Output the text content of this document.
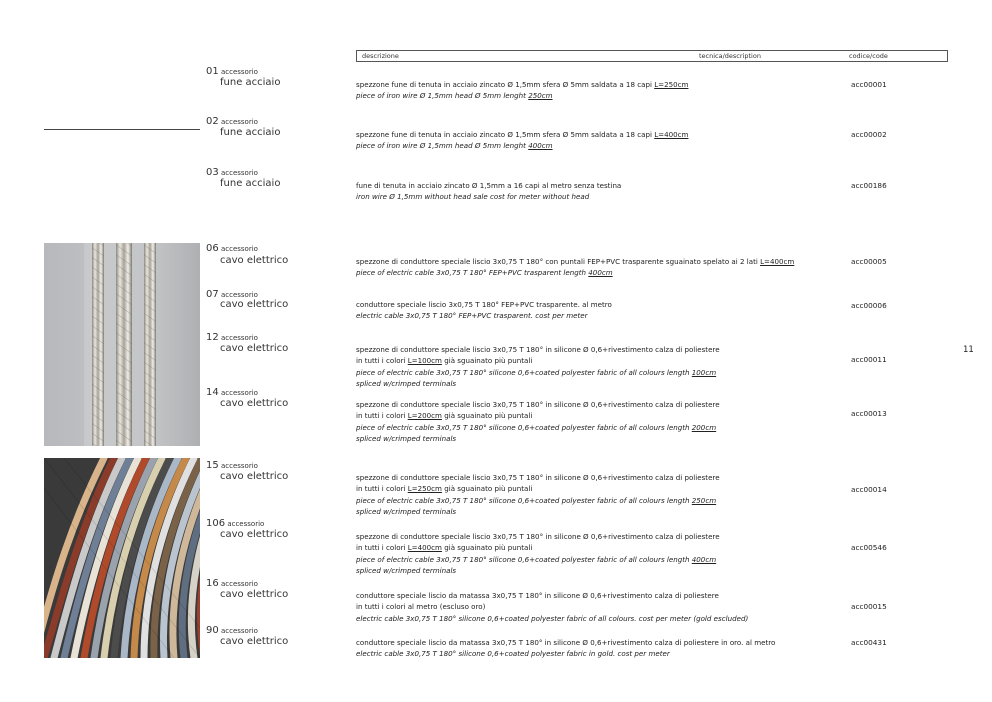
descrizione	tecnica/description	codice/code
11
01 accessorio
fune acciaio	spezzone fune di tenuta in acciaio zincato Ø 1,5mm sfera Ø 5mm saldata a 18 capi L=250cm
piece of iron wire Ø 1,5mm head Ø 5mm lenght 250cm
acc00001
02 accessorio
fune acciaio	spezzone fune di tenuta in acciaio zincato Ø 1,5mm sfera Ø 5mm saldata a 18 capi L=400cm
piece of iron wire Ø 1,5mm head Ø 5mm lenght 400cm
acc00002
03 accessorio
fune acciaio	fune di tenuta in acciaio zincato Ø 1,5mm a 16 capi al metro senza testina
iron wire Ø 1,5mm without head sale cost for meter without head
acc00186
06 accessorio
cavo elettrico	spezzone di conduttore speciale liscio 3x0,75 T 180° con puntali FEP+PVC trasparente sguainato spelato ai 2 lati L=400cm
piece of electric cable 3x0,75 T 180° FEP+PVC trasparent length 400cm
acc00005
07 accessorio
cavo elettrico	conduttore speciale liscio 3x0,75 T 180° FEP+PVC trasparente. al metro
electric cable 3x0,75 T 180° FEP+PVC trasparent. cost per meter
acc00006
12 accessorio
cavo elettrico	spezzone di conduttore speciale liscio 3x0,75 T 180° in silicone Ø 0,6+rivestimento calza di poliestere
in tutti i colori L=100cm già sguainato più puntali
piece of electric cable 3x0,75 T 180° silicone 0,6+coated polyester fabric of all colours length 100cm
spliced w/crimped terminals
acc00011
14 accessorio
cavo elettrico	spezzone di conduttore speciale liscio 3x0,75 T 180° in silicone Ø 0,6+rivestimento calza di poliestere
in tutti i colori L=200cm già sguainato più puntali
piece of electric cable 3x0,75 T 180° silicone 0,6+coated polyester fabric of all colours length 200cm
spliced w/crimped terminals
acc00013
15 accessorio
cavo elettrico	spezzone di conduttore speciale liscio 3x0,75 T 180° in silicone Ø 0,6+rivestimento calza di poliestere
in tutti i colori L=250cm già sguainato più puntali
piece of electric cable 3x0,75 T 180° silicone 0,6+coated polyester fabric of all colours length 250cm
spliced w/crimped terminals
acc00014
106 accessorio
cavo elettrico	spezzone di conduttore speciale liscio 3x0,75 T 180° in silicone Ø 0,6+rivestimento calza di poliestere
in tutti i colori L=400cm già sguainato più puntali
piece of electric cable 3x0,75 T 180° silicone 0,6+coated polyester fabric of all colours length 400cm
spliced w/crimped terminals
acc00546
16 accessorio
cavo elettrico	conduttore speciale liscio da matassa 3x0,75 T 180° in silicone Ø 0,6+rivestimento calza di poliestere
in tutti i colori al metro (escluso oro)
electric cable 3x0,75 T 180° silicone 0,6+coated polyester fabric of all colours. cost per meter (gold escluded)
acc00015
90 accessorio
cavo elettrico	conduttore speciale liscio da matassa 3x0,75 T 180° in silicone Ø 0,6+rivestimento calza di poliestere in oro. al metro
electric cable 3x0,75 T 180° silicone 0,6+coated polyester fabric in gold. cost per meter
acc00431
